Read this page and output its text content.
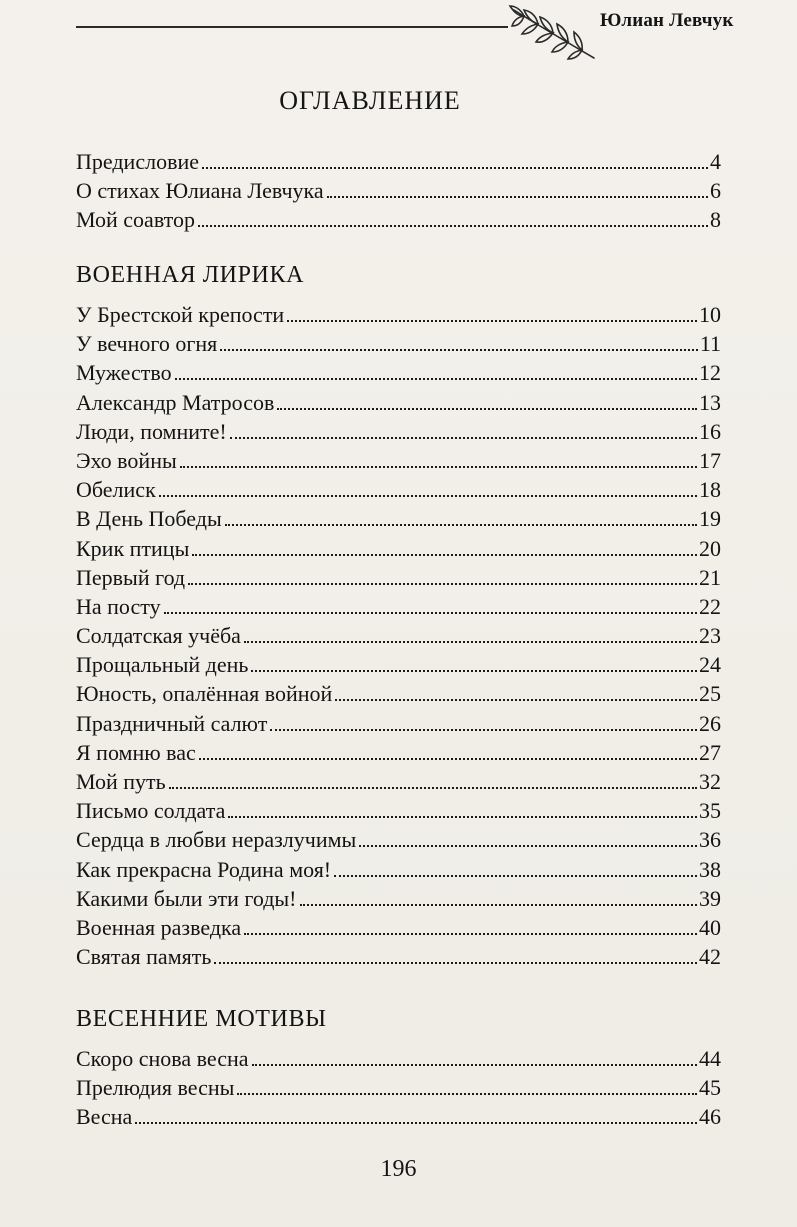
Юлиан Левчук
ОГЛАВЛЕНИЕ
Предисловие	4
О стихах Юлиана Левчука	6
Мой соавтор	8
ВОЕННАЯ ЛИРИКА
У Брестской крепости	10
У вечного огня	11
Мужество	12
Александр Матросов	13
Люди, помните!	16
Эхо войны	17
Обелиск	18
В День Победы	19
Крик птицы	20
Первый год	21
На посту	22
Солдатская учёба	23
Прощальный день	24
Юность, опалённая войной	25
Праздничный салют	26
Я помню вас	27
Мой путь	32
Письмо солдата	35
Сердца в любви неразлучимы	36
Как прекрасна Родина моя!	38
Какими были эти годы!	39
Военная разведка	40
Святая память	42
ВЕСЕННИЕ МОТИВЫ
Скоро снова весна	44
Прелюдия весны	45
Весна	46
196
